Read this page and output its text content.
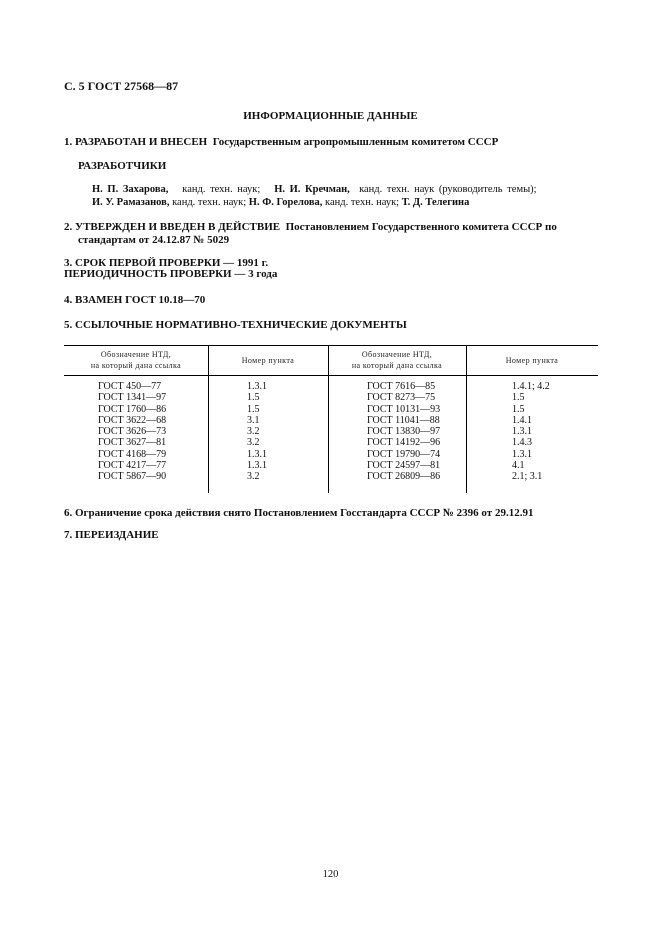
С. 5 ГОСТ 27568—87
ИНФОРМАЦИОННЫЕ ДАННЫЕ
1. РАЗРАБОТАН И ВНЕСЕН Государственным агропромышленным комитетом СССР
РАЗРАБОТЧИКИ
Н. П. Захарова, канд. техн. наук; Н. И. Кречман, канд. техн. наук (руководитель темы);
И. У. Рамазанов, канд. техн. наук; Н. Ф. Горелова, канд. техн. наук; Т. Д. Телегина
2. УТВЕРЖДЕН И ВВЕДЕН В ДЕЙСТВИЕ Постановлением Государственного комитета СССР по
стандартам от 24.12.87 № 5029
3. СРОК ПЕРВОЙ ПРОВЕРКИ — 1991 г.
ПЕРИОДИЧНОСТЬ ПРОВЕРКИ — 3 года
4. ВЗАМЕН ГОСТ 10.18—70
5. ССЫЛОЧНЫЕ НОРМАТИВНО-ТЕХНИЧЕСКИЕ ДОКУМЕНТЫ
Обозначение НТД,
на который дана ссылка
Номер пункта
Обозначение НТД,
на который дана ссылка
Номер пункта
ГОСТ 450—77
ГОСТ 1341—97
ГОСТ 1760—86
ГОСТ 3622—68
ГОСТ 3626—73
ГОСТ 3627—81
ГОСТ 4168—79
ГОСТ 4217—77
ГОСТ 5867—90
1.3.1
1.5
1.5
3.1
3.2
3.2
1.3.1
1.3.1
3.2
ГОСТ 7616—85
ГОСТ 8273—75
ГОСТ 10131—93
ГОСТ 11041—88
ГОСТ 13830—97
ГОСТ 14192—96
ГОСТ 19790—74
ГОСТ 24597—81
ГОСТ 26809—86
1.4.1; 4.2
1.5
1.5
1.4.1
1.3.1
1.4.3
1.3.1
4.1
2.1; 3.1
6. Ограничение срока действия снято Постановлением Госстандарта СССР № 2396 от 29.12.91
7. ПЕРЕИЗДАНИЕ
120
